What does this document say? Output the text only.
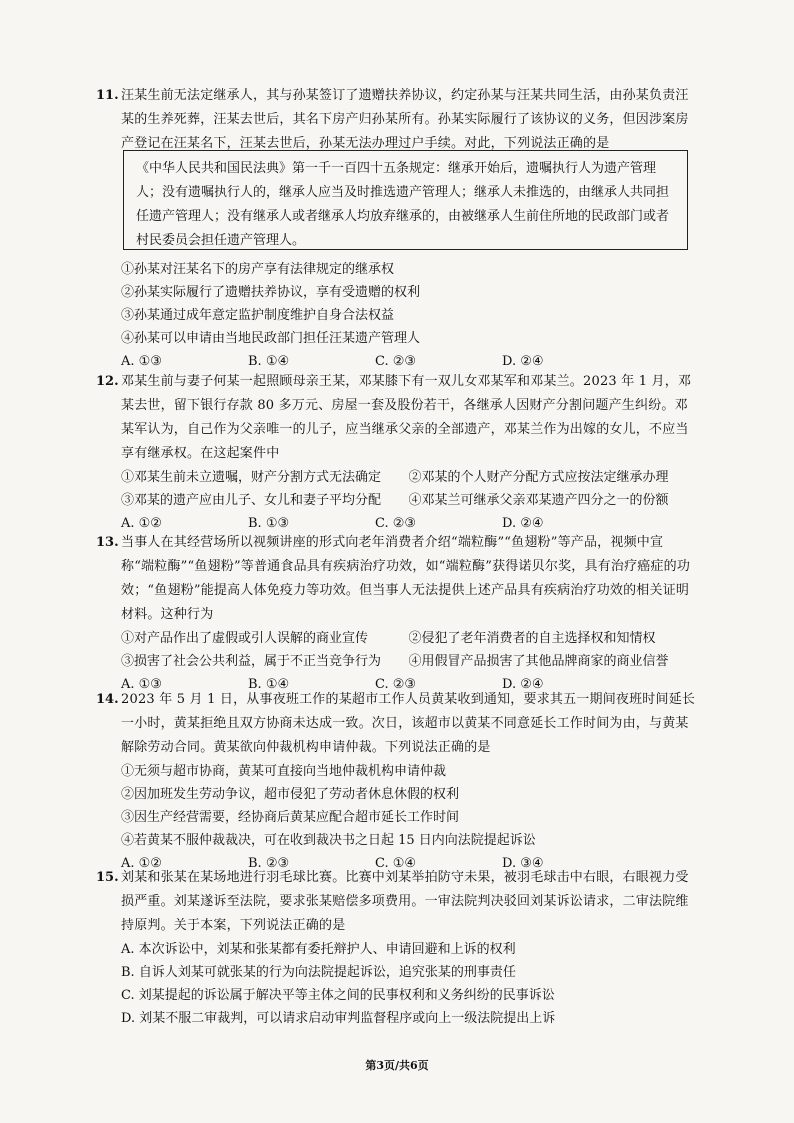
11. 汪某生前无法定继承人，其与孙某签订了遗赠扶养协议，约定孙某与汪某共同生活，由孙某负责汪某的生养死葬，汪某去世后，其名下房产归孙某所有。孙某实际履行了该协议的义务，但因涉案房产登记在汪某名下，汪某去世后，孙某无法办理过户手续。对此，下列说法正确的是
《中华人民共和国民法典》第一千一百四十五条规定：继承开始后，遗嘱执行人为遗产管理人；没有遗嘱执行人的，继承人应当及时推选遗产管理人；继承人未推选的，由继承人共同担任遗产管理人；没有继承人或者继承人均放弃继承的，由被继承人生前住所地的民政部门或者村民委员会担任遗产管理人。
①孙某对汪某名下的房产享有法律规定的继承权
②孙某实际履行了遗赠扶养协议，享有受遗赠的权利
③孙某通过成年意定监护制度维护自身合法权益
④孙某可以申请由当地民政部门担任汪某遗产管理人
A. ①③	B. ①④	C. ②③	D. ②④
12. 邓某生前与妻子何某一起照顾母亲王某，邓某膝下有一双儿女邓某军和邓某兰。2023 年 1 月，邓某去世，留下银行存款 80 多万元、房屋一套及股份若干，各继承人因财产分割问题产生纠纷。邓某军认为，自己作为父亲唯一的儿子，应当继承父亲的全部遗产，邓某兰作为出嫁的女儿，不应当享有继承权。在这起案件中
①邓某生前未立遗嘱，财产分割方式无法确定	②邓某的个人财产分配方式应按法定继承办理
③邓某的遗产应由儿子、女儿和妻子平均分配	④邓某兰可继承父亲邓某遗产四分之一的份额
A. ①②	B. ①③	C. ②③	D. ②④
13. 当事人在其经营场所以视频讲座的形式向老年消费者介绍“端粒酶”“鱼翅粉”等产品，视频中宣称“端粒酶”“鱼翅粉”等普通食品具有疾病治疗功效，如“端粒酶”获得诺贝尔奖，具有治疗癌症的功效；“鱼翅粉”能提高人体免疫力等功效。但当事人无法提供上述产品具有疾病治疗功效的相关证明材料。这种行为
①对产品作出了虚假或引人误解的商业宣传	②侵犯了老年消费者的自主选择权和知情权
③损害了社会公共利益，属于不正当竞争行为	④用假冒产品损害了其他品牌商家的商业信誉
A. ①③	B. ①④	C. ②③	D. ②④
14. 2023 年 5 月 1 日，从事夜班工作的某超市工作人员黄某收到通知，要求其五一期间夜班时间延长一小时，黄某拒绝且双方协商未达成一致。次日，该超市以黄某不同意延长工作时间为由，与黄某解除劳动合同。黄某欲向仲裁机构申请仲裁。下列说法正确的是
①无须与超市协商，黄某可直接向当地仲裁机构申请仲裁
②因加班发生劳动争议，超市侵犯了劳动者休息休假的权利
③因生产经营需要，经协商后黄某应配合超市延长工作时间
④若黄某不服仲裁裁决，可在收到裁决书之日起 15 日内向法院提起诉讼
A. ①②	B. ②③	C. ①④	D. ③④
15. 刘某和张某在某场地进行羽毛球比赛。比赛中刘某举拍防守未果，被羽毛球击中右眼，右眼视力受损严重。刘某遂诉至法院，要求张某赔偿多项费用。一审法院判决驳回刘某诉讼请求，二审法院维持原判。关于本案，下列说法正确的是
A. 本次诉讼中，刘某和张某都有委托辩护人、申请回避和上诉的权利
B. 自诉人刘某可就张某的行为向法院提起诉讼，追究张某的刑事责任
C. 刘某提起的诉讼属于解决平等主体之间的民事权利和义务纠纷的民事诉讼
D. 刘某不服二审裁判，可以请求启动审判监督程序或向上一级法院提出上诉
第3页/共6页
